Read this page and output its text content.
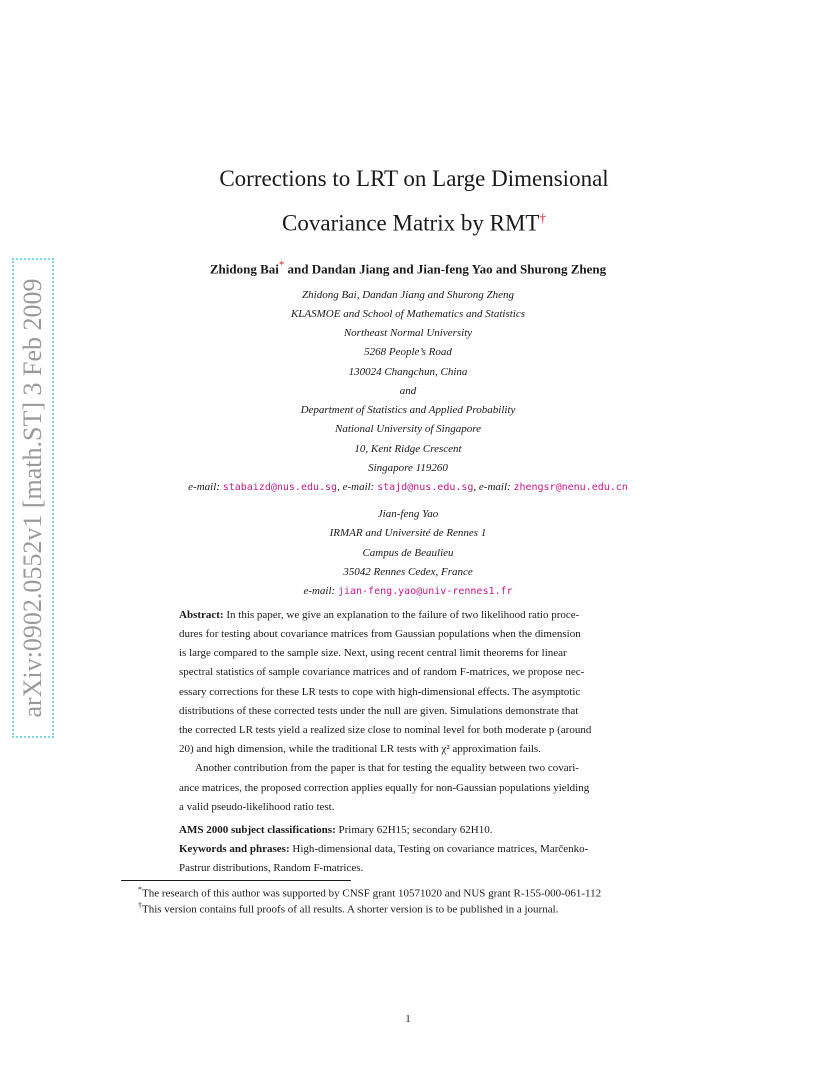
arXiv:0902.0552v1 [math.ST] 3 Feb 2009
Corrections to LRT on Large Dimensional
Covariance Matrix by RMT†
Zhidong Bai* and Dandan Jiang and Jian-feng Yao and Shurong Zheng
Zhidong Bai, Dandan Jiang and Shurong Zheng
KLASMOE and School of Mathematics and Statistics
Northeast Normal University
5268 People’s Road
130024 Changchun, China
and
Department of Statistics and Applied Probability
National University of Singapore
10, Kent Ridge Crescent
Singapore 119260
e-mail: stabaizd@nus.edu.sg, e-mail: stajd@nus.edu.sg, e-mail: zhengsr@nenu.edu.cn
Jian-feng Yao
IRMAR and Université de Rennes 1
Campus de Beaulieu
35042 Rennes Cedex, France
e-mail: jian-feng.yao@univ-rennes1.fr
Abstract: In this paper, we give an explanation to the failure of two likelihood ratio proce-
dures for testing about covariance matrices from Gaussian populations when the dimension
is large compared to the sample size. Next, using recent central limit theorems for linear
spectral statistics of sample covariance matrices and of random F-matrices, we propose nec-
essary corrections for these LR tests to cope with high-dimensional effects. The asymptotic
distributions of these corrected tests under the null are given. Simulations demonstrate that
the corrected LR tests yield a realized size close to nominal level for both moderate p (around
20) and high dimension, while the traditional LR tests with χ² approximation fails.
Another contribution from the paper is that for testing the equality between two covari-
ance matrices, the proposed correction applies equally for non-Gaussian populations yielding
a valid pseudo-likelihood ratio test.
AMS 2000 subject classifications: Primary 62H15; secondary 62H10.
Keywords and phrases: High-dimensional data, Testing on covariance matrices, Marčenko-
Pastrur distributions, Random F-matrices.
*The research of this author was supported by CNSF grant 10571020 and NUS grant R-155-000-061-112
†This version contains full proofs of all results. A shorter version is to be published in a journal.
1
